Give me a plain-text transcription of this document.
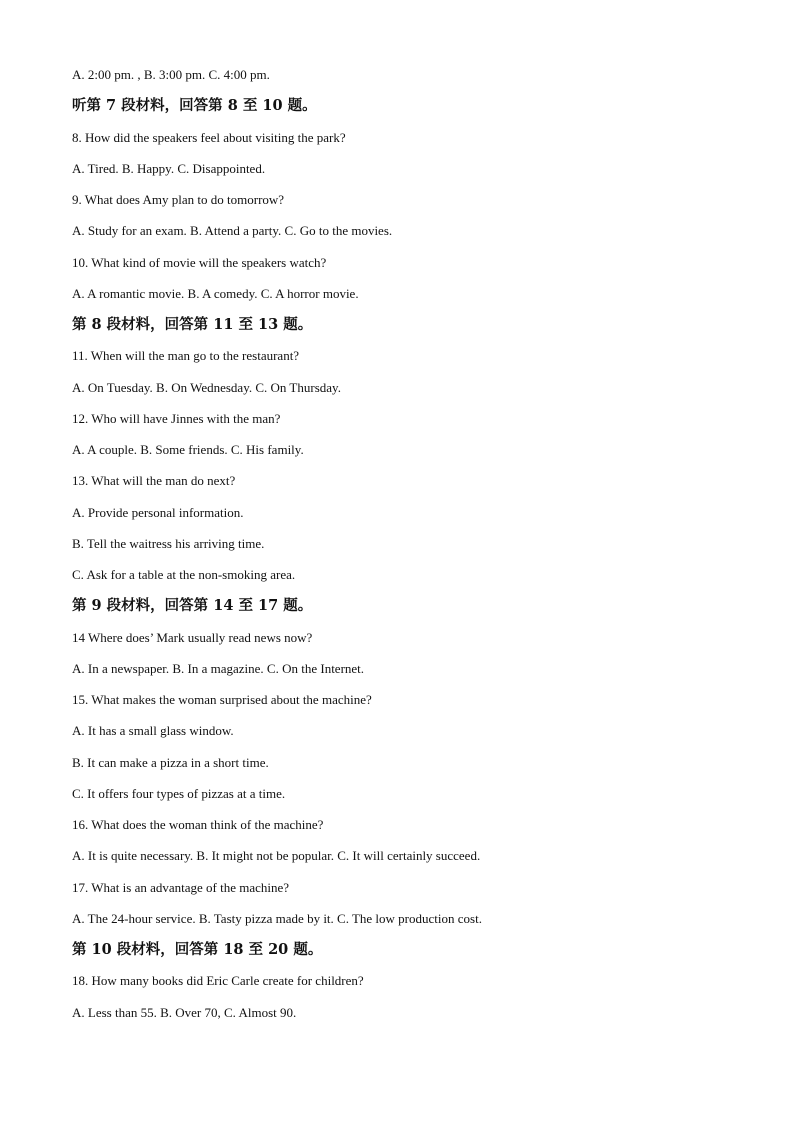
A. 2:00 pm. , B. 3:00 pm. C. 4:00 pm.
听第 7 段材料，回答第 8 至 10 题。
8. How did the speakers feel about visiting the park?
A. Tired. B. Happy. C. Disappointed.
9. What does Amy plan to do tomorrow?
A. Study for an exam. B. Attend a party. C. Go to the movies.
10. What kind of movie will the speakers watch?
A. A romantic movie. B. A comedy. C. A horror movie.
第 8 段材料，回答第 11 至 13 题。
11. When will the man go to the restaurant?
A. On Tuesday. B. On Wednesday. C. On Thursday.
12. Who will have Jinnes with the man?
A. A couple. B. Some friends. C. His family.
13. What will the man do next?
A. Provide personal information.
B. Tell the waitress his arriving time.
C. Ask for a table at the non-smoking area.
第 9 段材料，回答第 14 至 17 题。
14 Where does’ Mark usually read news now?
A. In a newspaper. B. In a magazine. C. On the Internet.
15. What makes the woman surprised about the machine?
A. It has a small glass window.
B. It can make a pizza in a short time.
C. It offers four types of pizzas at a time.
16. What does the woman think of the machine?
A. It is quite necessary. B. It might not be popular. C. It will certainly succeed.
17. What is an advantage of the machine?
A. The 24-hour service. B. Tasty pizza made by it. C. The low production cost.
第 10 段材料，回答第 18 至 20 题。
18. How many books did Eric Carle create for children?
A. Less than 55. B. Over 70, C. Almost 90.
